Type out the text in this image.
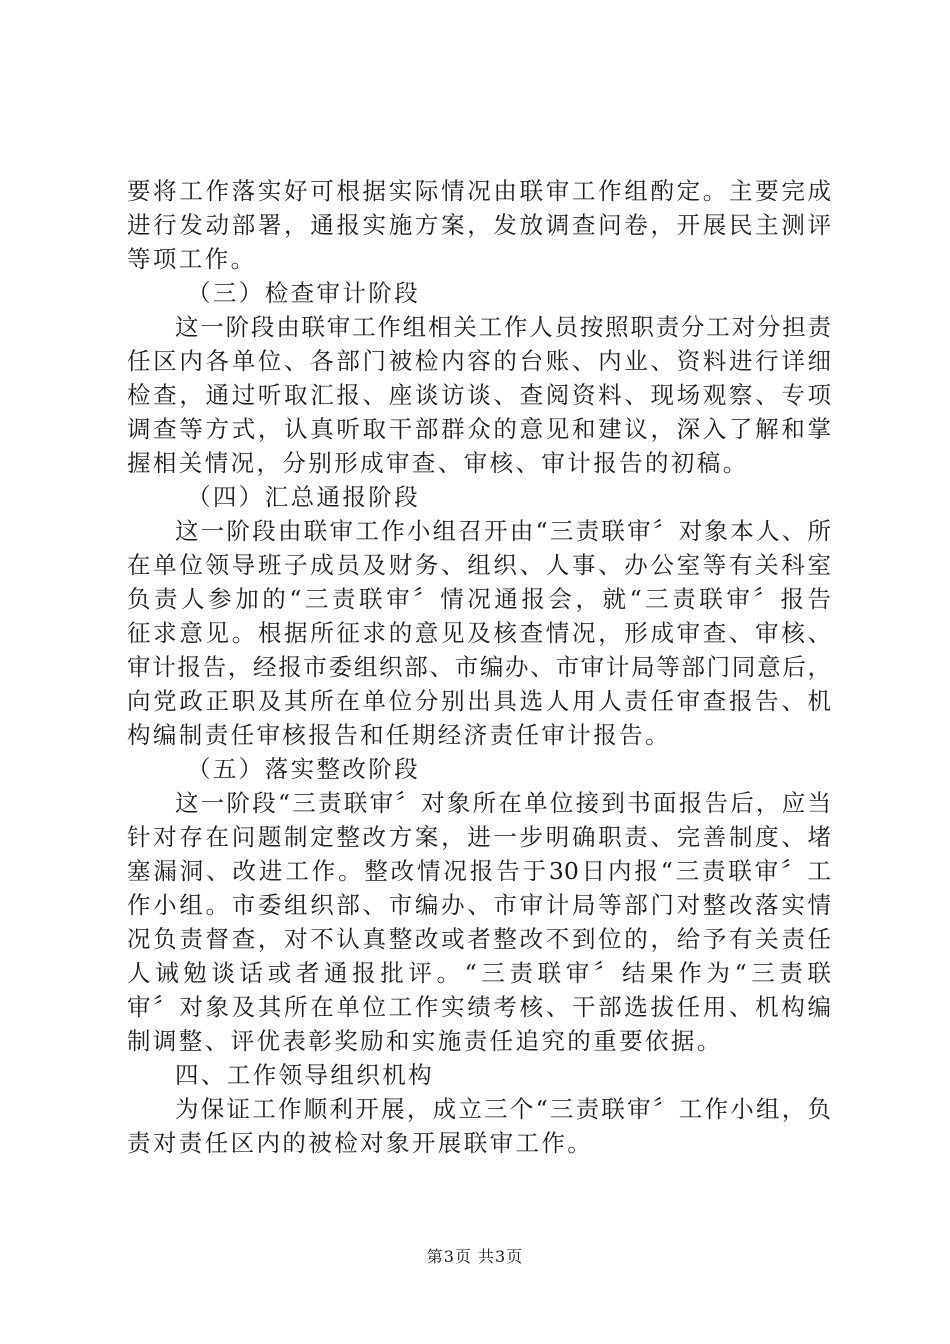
要将工作落实好可根据实际情况由联审工作组酌定。主要完成
进行发动部署，通报实施方案，发放调查问卷，开展民主测评
等项工作。
（三）检查审计阶段
这一阶段由联审工作组相关工作人员按照职责分工对分担责
任区内各单位、各部门被检内容的台账、内业、资料进行详细
检查，通过听取汇报、座谈访谈、查阅资料、现场观察、专项
调查等方式，认真听取干部群众的意见和建议，深入了解和掌
握相关情况，分别形成审查、审核、审计报告的初稿。
（四）汇总通报阶段
这一阶段由联审工作小组召开由“三责联审〞对象本人、所
在单位领导班子成员及财务、组织、人事、办公室等有关科室
负责人参加的“三责联审〞情况通报会，就“三责联审〞报告
征求意见。根据所征求的意见及核查情况，形成审查、审核、
审计报告，经报市委组织部、市编办、市审计局等部门同意后，
向党政正职及其所在单位分别出具选人用人责任审查报告、机
构编制责任审核报告和任期经济责任审计报告。
（五）落实整改阶段
这一阶段“三责联审〞对象所在单位接到书面报告后，应当
针对存在问题制定整改方案，进一步明确职责、完善制度、堵
塞漏洞、改进工作。整改情况报告于30日内报“三责联审〞工
作小组。市委组织部、市编办、市审计局等部门对整改落实情
况负责督查，对不认真整改或者整改不到位的，给予有关责任
人诫勉谈话或者通报批评。“三责联审〞结果作为“三责联
审〞对象及其所在单位工作实绩考核、干部选拔任用、机构编
制调整、评优表彰奖励和实施责任追究的重要依据。
四、工作领导组织机构
为保证工作顺利开展，成立三个“三责联审〞工作小组，负
责对责任区内的被检对象开展联审工作。
第3页 共3页
